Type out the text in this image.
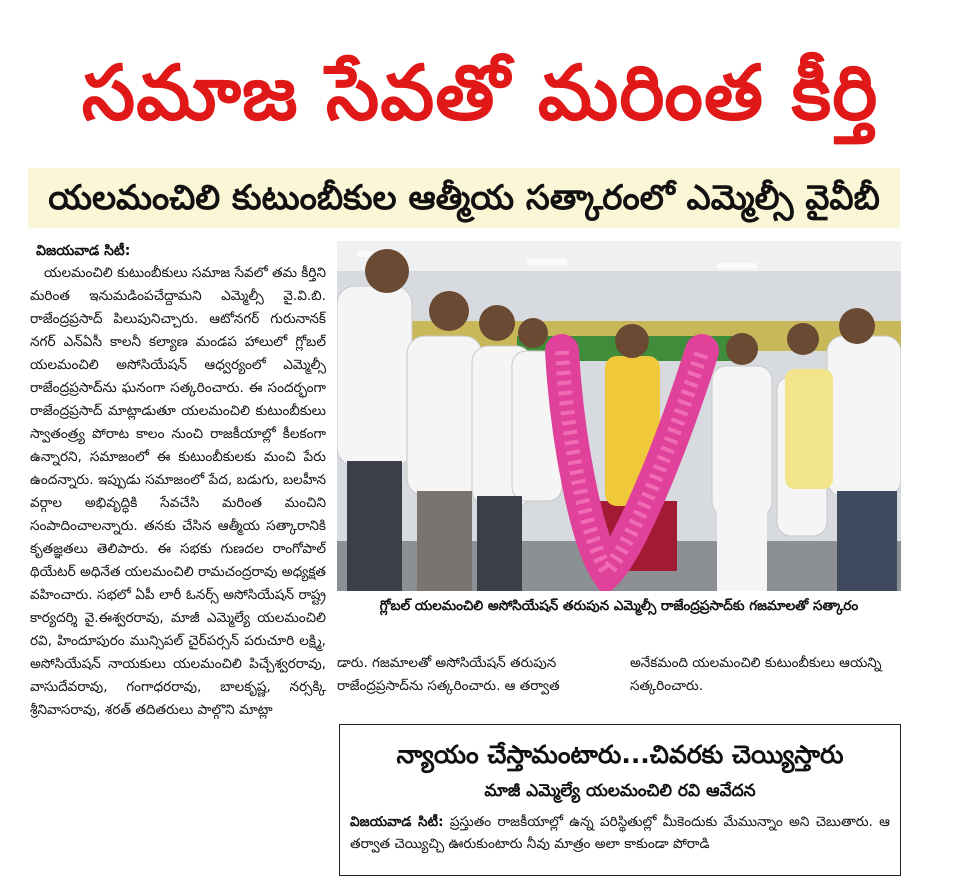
సమాజ సేవతో మరింత కీర్తి
యలమంచిలి కుటుంబీకుల ఆత్మీయ సత్కారంలో ఎమ్మెల్సీ వైవీబీ
విజయవాడ సిటీ:

యలమంచిలి కుటుంబీకులు సమాజ సేవలో తమ కీర్తిని మరింత ఇనుమడింపచేద్దామని ఎమ్మెల్సీ వై.వి.బి. రాజేంద్రప్రసాద్ పిలుపునిచ్చారు. ఆటోనగర్ గురునానక్ నగర్ ఎన్‌ఏసీ కాలనీ కల్యాణ మండప హాలులో గ్లోబల్ యలమంచిలి అసోసియేషన్ ఆధ్వర్యంలో ఎమ్మెల్సీ రాజేంద్రప్రసాద్‌ను ఘనంగా సత్కరించారు. ఈ సందర్భంగా రాజేంద్రప్రసాద్ మాట్లాడుతూ యలమంచిలి కుటుంబీకులు స్వాతంత్ర్య పోరాట కాలం నుంచి రాజకీయాల్లో కీలకంగా ఉన్నారని, సమాజంలో ఈ కుటుంబీకులకు మంచి పేరు ఉందన్నారు. ఇప్పుడు సమాజంలో పేద, బడుగు, బలహీన వర్గాల అభివృద్ధికి సేవచేసి మరింత మంచిని సంపాదించాలన్నారు. తనకు చేసిన ఆత్మీయ సత్కారానికి కృతజ్ఞతలు తెలిపారు. ఈ సభకు గుణదల రాంగోపాల్ థియేటర్ అధినేత యలమంచిలి రామచంద్రరావు అధ్యక్షత వహించారు. సభలో ఏపీ లారీ ఓనర్స్ అసోసియేషన్ రాష్ట్ర కార్యదర్శి వై.ఈశ్వరరావు, మాజీ ఎమ్మెల్యే యలమంచిలి రవి, హిందూపురం మున్సిపల్ చైర్‌పర్సన్ పరుచూరి లక్ష్మి, అసోసియేషన్ నాయకులు యలమంచిలి పిచ్చేశ్వరరావు, వాసుదేవరావు, గంగాధరరావు, బాలకృష్ణ, నర్సక్కి శ్రీనివాసరావు, శరత్ తదితరులు పాల్గొని మాట్లా

గ్లోబల్ యలమంచిలి అసోసియేషన్ తరుపున ఎమ్మెల్సీ రాజేంద్రప్రసాద్‌కు గజమాలతో సత్కారం

డారు. గజమాలతో అసోసియేషన్ తరుపున రాజేంద్రప్రసాద్‌ను సత్కరించారు. ఆ తర్వాత

అనేకమంది యలమంచిలి కుటుంబీకులు ఆయన్ని సత్కరించారు.

న్యాయం చేస్తామంటారు...చివరకు చెయ్యిస్తారు
మాజీ ఎమ్మెల్యే యలమంచిలి రవి ఆవేదన

విజయవాడ సిటీ: ప్రస్తుతం రాజకీయాల్లో ఉన్న పరిస్థితుల్లో మీకెందుకు మేమున్నాం అని చెబుతారు. ఆ తర్వాత చెయ్యిచ్చి ఊరుకుంటారు నీవు మాత్రం అలా కాకుండా పోరాడి
